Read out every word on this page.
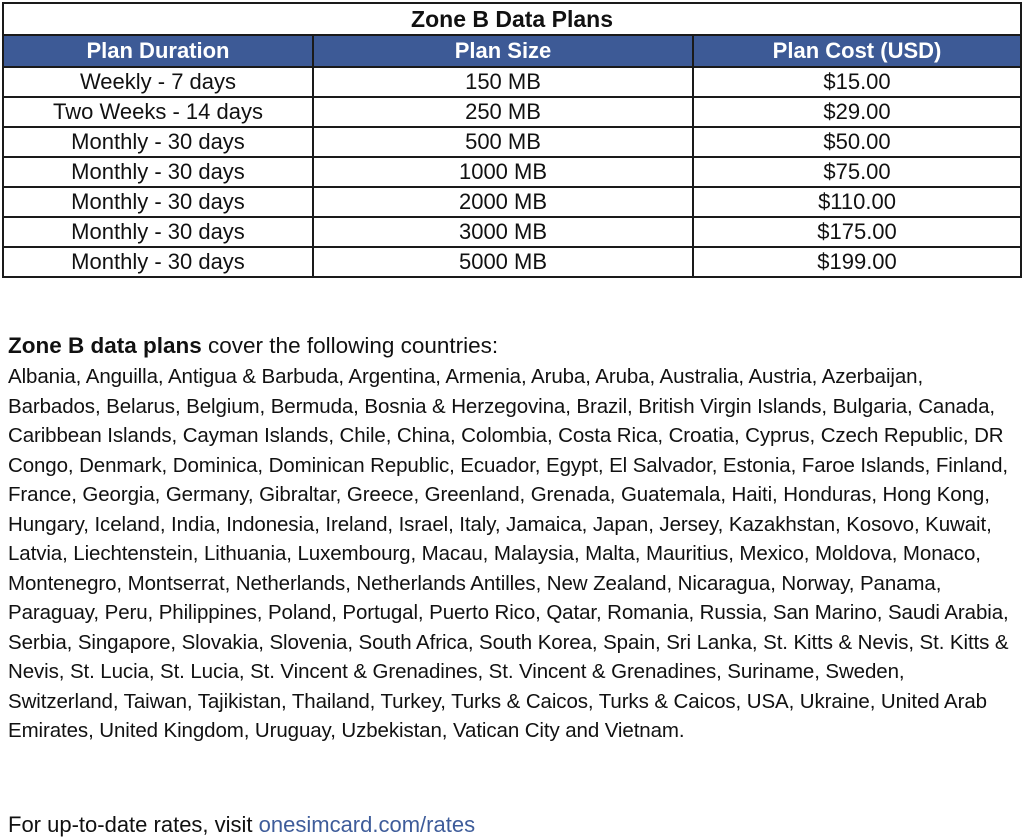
Zone B Data Plans		
Plan Duration	Plan Size	Plan Cost (USD)
Weekly - 7 days	150 MB	$15.00
Two Weeks - 14 days	250 MB	$29.00
Monthly - 30 days	500 MB	$50.00
Monthly - 30 days	1000 MB	$75.00
Monthly - 30 days	2000 MB	$110.00
Monthly - 30 days	3000 MB	$175.00
Monthly - 30 days	5000 MB	$199.00

Zone B data plans cover the following countries:

Albania, Anguilla, Antigua & Barbuda, Argentina, Armenia, Aruba, Aruba, Australia, Austria, Azerbaijan, Barbados, Belarus, Belgium, Bermuda, Bosnia & Herzegovina, Brazil, British Virgin Islands, Bulgaria, Canada, Caribbean Islands, Cayman Islands, Chile, China, Colombia, Costa Rica, Croatia, Cyprus, Czech Republic, DR Congo, Denmark, Dominica, Dominican Republic, Ecuador, Egypt, El Salvador, Estonia, Faroe Islands, Finland, France, Georgia, Germany, Gibraltar, Greece, Greenland, Grenada, Guatemala, Haiti, Honduras, Hong Kong, Hungary, Iceland, India, Indonesia, Ireland, Israel, Italy, Jamaica, Japan, Jersey, Kazakhstan, Kosovo, Kuwait, Latvia, Liechtenstein, Lithuania, Luxembourg, Macau, Malaysia, Malta, Mauritius, Mexico, Moldova, Monaco, Montenegro, Montserrat, Netherlands, Netherlands Antilles, New Zealand, Nicaragua, Norway, Panama, Paraguay, Peru, Philippines, Poland, Portugal, Puerto Rico, Qatar, Romania, Russia, San Marino, Saudi Arabia, Serbia, Singapore, Slovakia, Slovenia, South Africa, South Korea, Spain, Sri Lanka, St. Kitts & Nevis, St. Kitts & Nevis, St. Lucia, St. Lucia, St. Vincent & Grenadines, St. Vincent & Grenadines, Suriname, Sweden, Switzerland, Taiwan, Tajikistan, Thailand, Turkey, Turks & Caicos, Turks & Caicos, USA, Ukraine, United Arab Emirates, United Kingdom, Uruguay, Uzbekistan, Vatican City and Vietnam.

For up-to-date rates, visit onesimcard.com/rates
